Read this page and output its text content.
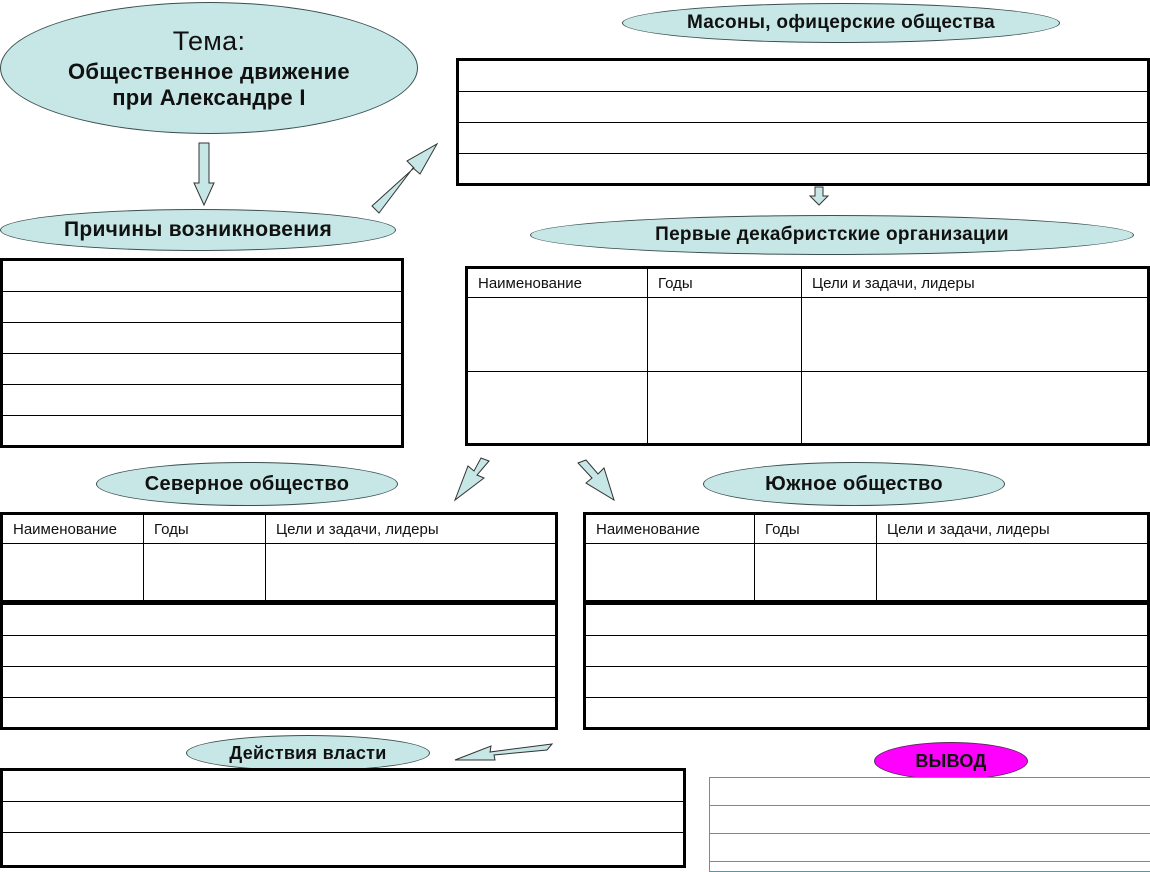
Тема:
Общественное движение
при Александре I
Масоны, офицерские общества
Причины возникновения	Первые декабристские организации
Наименование	Годы	Цели и задачи, лидеры

Северное общество
Наименование	Годы	Цели и задачи, лидеры

Южное общество
Наименование	Годы	Цели и задачи, лидеры

Действия власти	ВЫВОД
